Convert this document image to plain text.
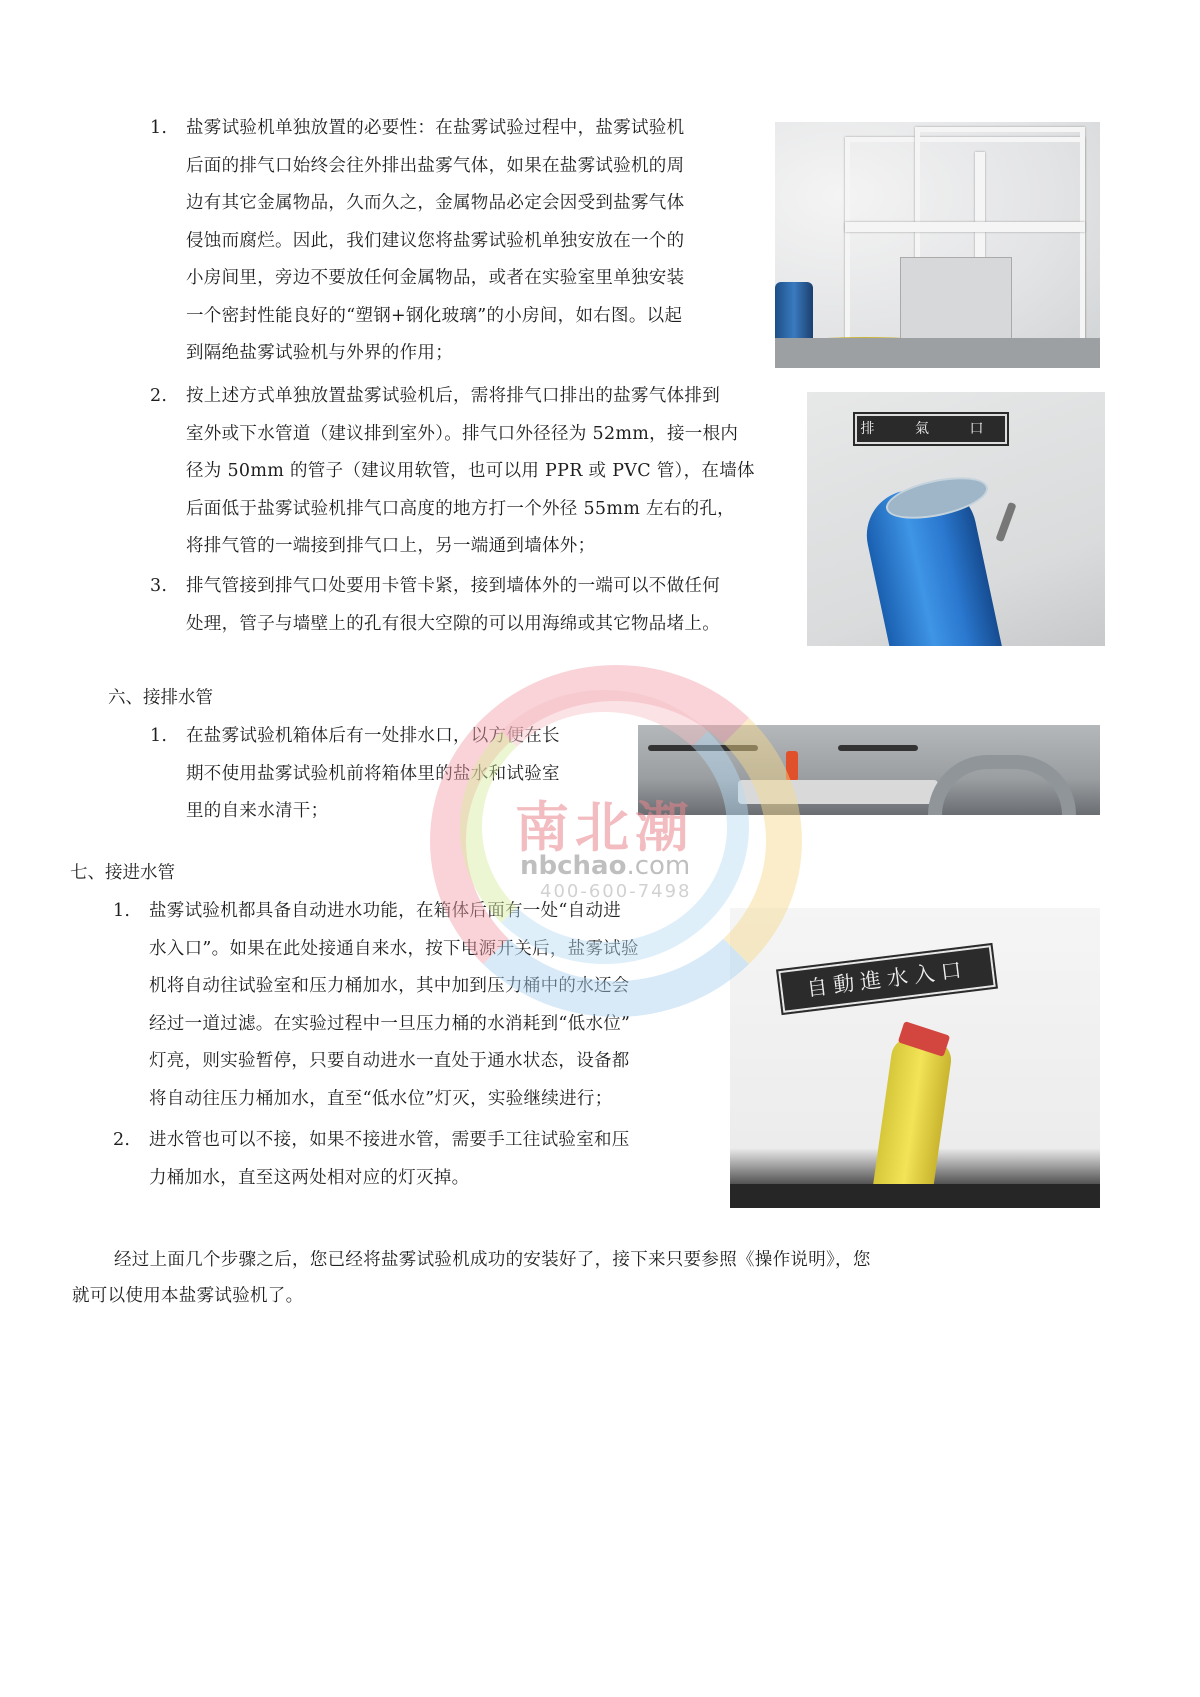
1.	盐雾试验机单独放置的必要性：在盐雾试验过程中，盐雾试验机
后面的排气口始终会往外排出盐雾气体，如果在盐雾试验机的周
边有其它金属物品，久而久之，金属物品必定会因受到盐雾气体
侵蚀而腐烂。因此，我们建议您将盐雾试验机单独安放在一个的
小房间里，旁边不要放任何金属物品，或者在实验室里单独安装
一个密封性能良好的“塑钢+钢化玻璃”的小房间，如右图。以起
到隔绝盐雾试验机与外界的作用；
2.	按上述方式单独放置盐雾试验机后，需将排气口排出的盐雾气体排到
室外或下水管道（建议排到室外）。排气口外径径为 52mm，接一根内
径为 50mm 的管子（建议用软管，也可以用 PPR 或 PVC 管），在墙体
后面低于盐雾试验机排气口高度的地方打一个外径 55mm 左右的孔，
将排气管的一端接到排气口上，另一端通到墙体外；
3.	排气管接到排气口处要用卡管卡紧，接到墙体外的一端可以不做任何
处理，管子与墙壁上的孔有很大空隙的可以用海绵或其它物品堵上。
六、接排水管
1.	在盐雾试验机箱体后有一处排水口，以方便在长
期不使用盐雾试验机前将箱体里的盐水和试验室
里的自来水清干；
七、接进水管
1.	盐雾试验机都具备自动进水功能，在箱体后面有一处“自动进
水入口”。如果在此处接通自来水，按下电源开关后，盐雾试验
机将自动往试验室和压力桶加水，其中加到压力桶中的水还会
经过一道过滤。在实验过程中一旦压力桶的水消耗到“低水位”
灯亮，则实验暂停，只要自动进水一直处于通水状态，设备都
将自动往压力桶加水，直至“低水位”灯灭，实验继续进行；
2.	进水管也可以不接，如果不接进水管，需要手工往试验室和压
力桶加水，直至这两处相对应的灯灭掉。
经过上面几个步骤之后，您已经将盐雾试验机成功的安装好了，接下来只要参照《操作说明》，您
就可以使用本盐雾试验机了。
排 氣 口
自動進水入口
南北潮
nbchao.com
400-600-7498
